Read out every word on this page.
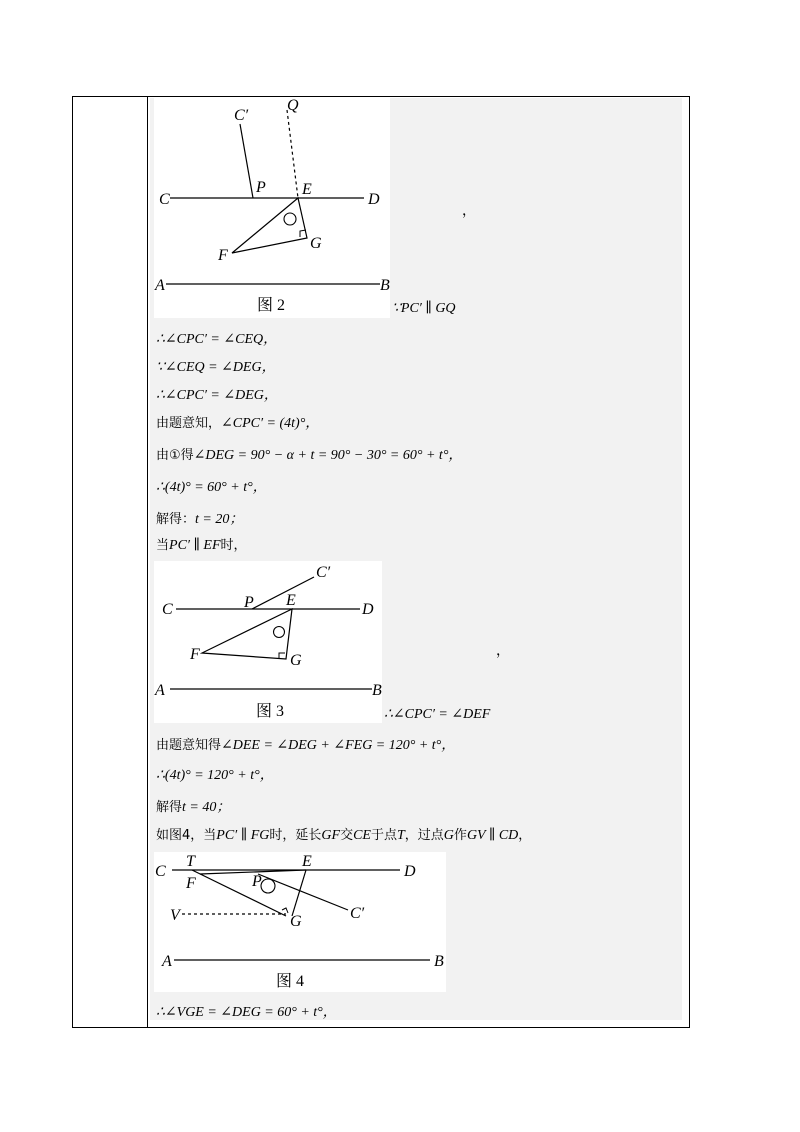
C′
Q
C
P E
D
F
G
A	B
图 2
，
∵PC′ ∥ GQ
∴∠CPC′ = ∠CEQ，
∵∠CEQ = ∠DEG，
∴∠CPC′ = ∠DEG，
由题意知，∠CPC′ = (4t)°，
由①得∠DEG = 90° − α + t = 90° − 30° = 60° + t°，
∴(4t)° = 60° + t°，
解得：t = 20；
当PC′ ∥ EF时，
C′
C	P E
D
F	G
A	B
图 3
，
∴∠CPC′ = ∠DEF
由题意知得∠DEE = ∠DEG + ∠FEG = 120° + t°，
∴(4t)° = 120° + t°，
解得t = 40；
如图4，当PC′ ∥ FG时，延长GF交CE于点T，过点G作GV ∥ CD，
C
T	E
D
F	P
V	G	C′
A	B
图 4
∴∠VGE = ∠DEG = 60° + t°，
